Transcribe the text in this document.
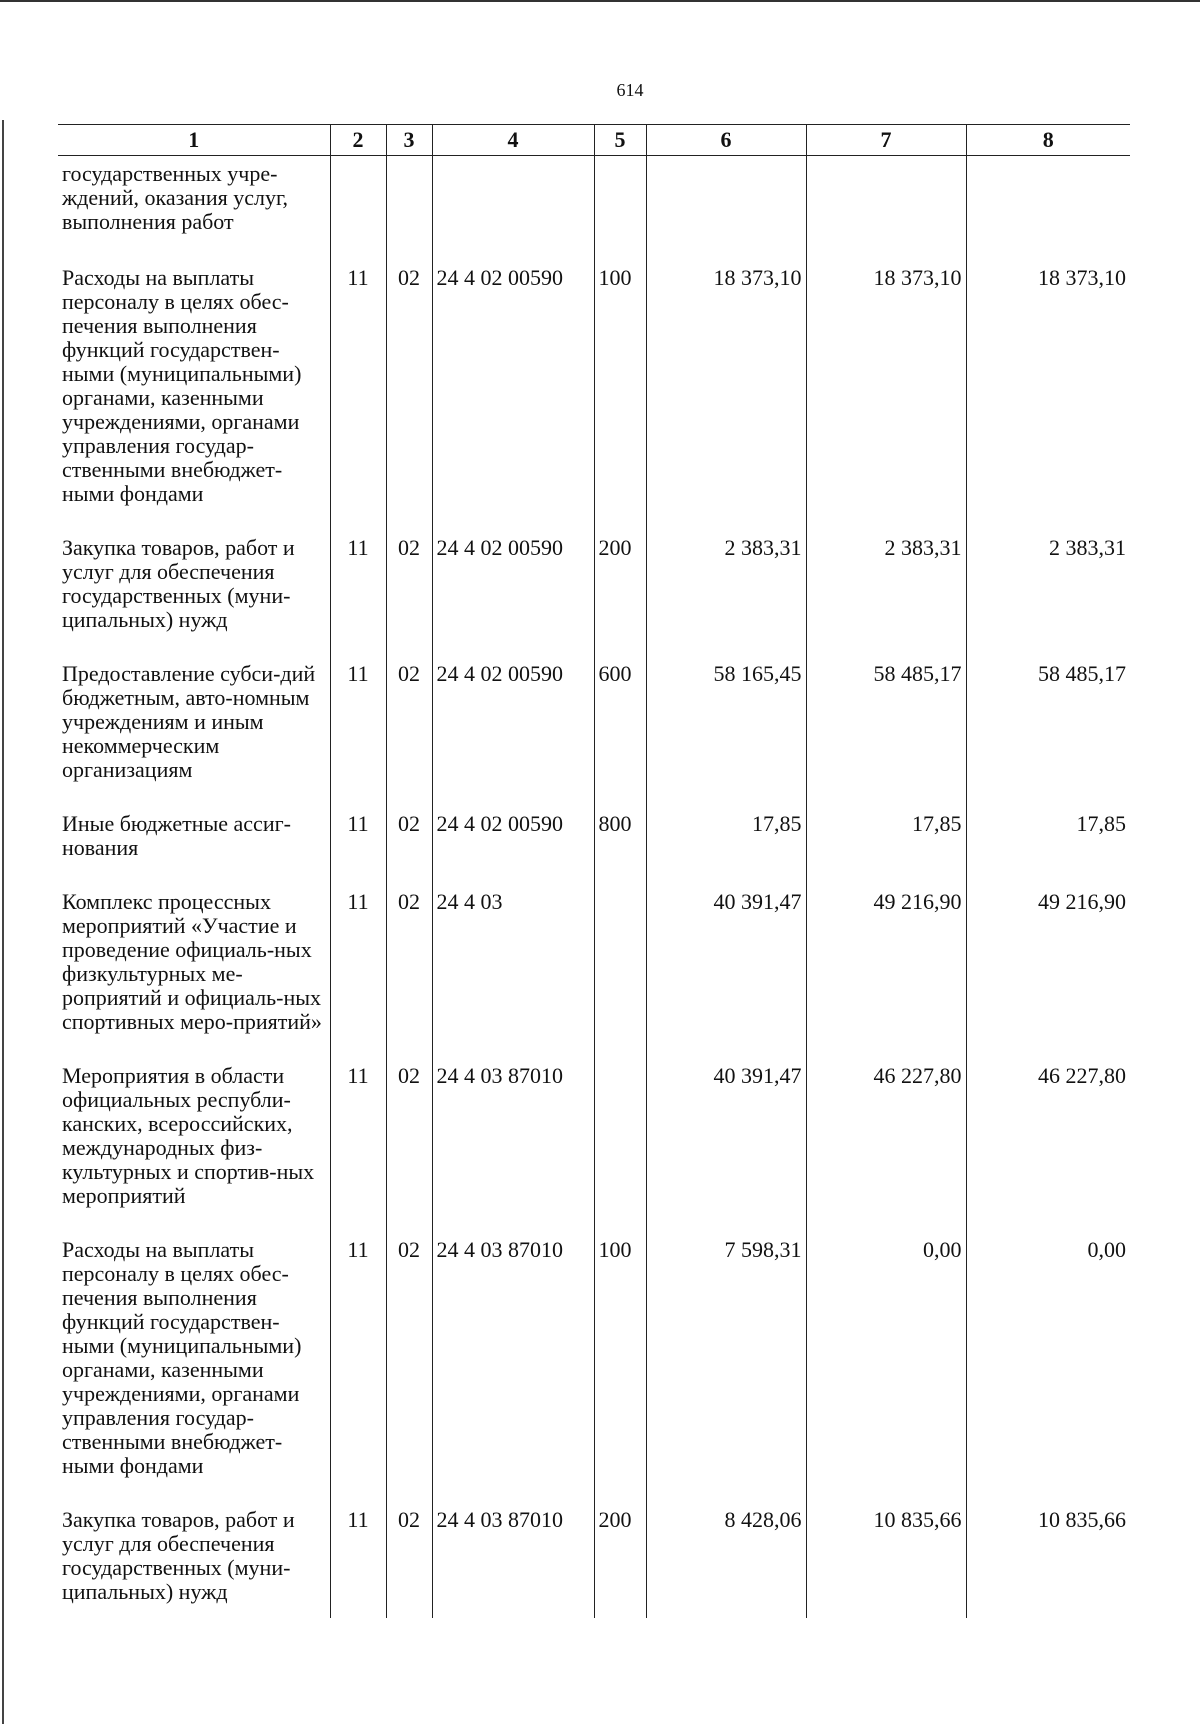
614
1	2	3	4	5	6	7	8
государственных учре-ждений, оказания услуг, выполнения работ							
Расходы на выплаты персоналу в целях обес-печения выполнения функций государствен-ными (муниципальными) органами, казенными учреждениями, органами управления государ-ственными внебюджет-ными фондами	11	02	24 4 02 00590	100	18 373,10	18 373,10	18 373,10
Закупка товаров, работ и услуг для обеспечения государственных (муни-ципальных) нужд	11	02	24 4 02 00590	200	2 383,31	2 383,31	2 383,31
Предоставление субси-дий бюджетным, авто-номным учреждениям и иным некоммерческим организациям	11	02	24 4 02 00590	600	58 165,45	58 485,17	58 485,17
Иные бюджетные ассиг-нования	11	02	24 4 02 00590	800	17,85	17,85	17,85
Комплекс процессных мероприятий «Участие и проведение официаль-ных физкультурных ме-роприятий и официаль-ных спортивных меро-приятий»	11	02	24 4 03		40 391,47	49 216,90	49 216,90
Мероприятия в области официальных республи-канских, всероссийских, международных физ-культурных и спортив-ных мероприятий	11	02	24 4 03 87010		40 391,47	46 227,80	46 227,80
Расходы на выплаты персоналу в целях обес-печения выполнения функций государствен-ными (муниципальными) органами, казенными учреждениями, органами управления государ-ственными внебюджет-ными фондами	11	02	24 4 03 87010	100	7 598,31	0,00	0,00
Закупка товаров, работ и услуг для обеспечения государственных (муни-ципальных) нужд	11	02	24 4 03 87010	200	8 428,06	10 835,66	10 835,66
